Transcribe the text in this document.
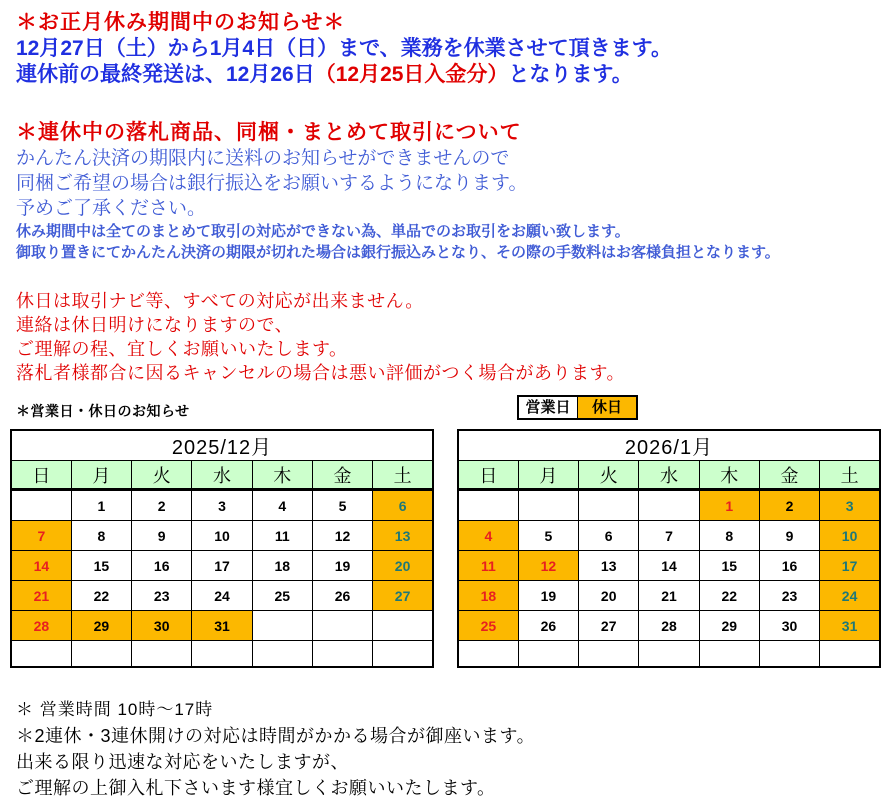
＊お正月休み期間中のお知らせ＊
12月27日（土）から1月4日（日）まで、業務を休業させて頂きます。
連休前の最終発送は、12月26日（12月25日入金分）となります。
＊連休中の落札商品、同梱・まとめて取引について
かんたん決済の期限内に送料のお知らせができませんので
同梱ご希望の場合は銀行振込をお願いするようになります。
予めご了承ください。
休み期間中は全てのまとめて取引の対応ができない為、単品でのお取引をお願い致します。
御取り置きにてかんたん決済の期限が切れた場合は銀行振込みとなり、その際の手数料はお客様負担となります。
休日は取引ナビ等、すべての対応が出来ません。
連絡は休日明けになりますので、
ご理解の程、宜しくお願いいたします。
落札者様都合に因るキャンセルの場合は悪い評価がつく場合があります。
＊営業日・休日のお知らせ	営業日	休日
2025/12月						
日	月	火	水	木	金	土
	1	2	3	4	5	6
7	8	9	10	11	12	13
14	15	16	17	18	19	20
21	22	23	24	25	26	27
28	29	30	31			

2026/1月						
日	月	火	水	木	金	土
				1	2	3
4	5	6	7	8	9	10
11	12	13	14	15	16	17
18	19	20	21	22	23	24
25	26	27	28	29	30	31

＊ 営業時間 10時～17時
＊2連休・3連休開けの対応は時間がかかる場合が御座います。
出来る限り迅速な対応をいたしますが、
ご理解の上御入札下さいます様宜しくお願いいたします。
